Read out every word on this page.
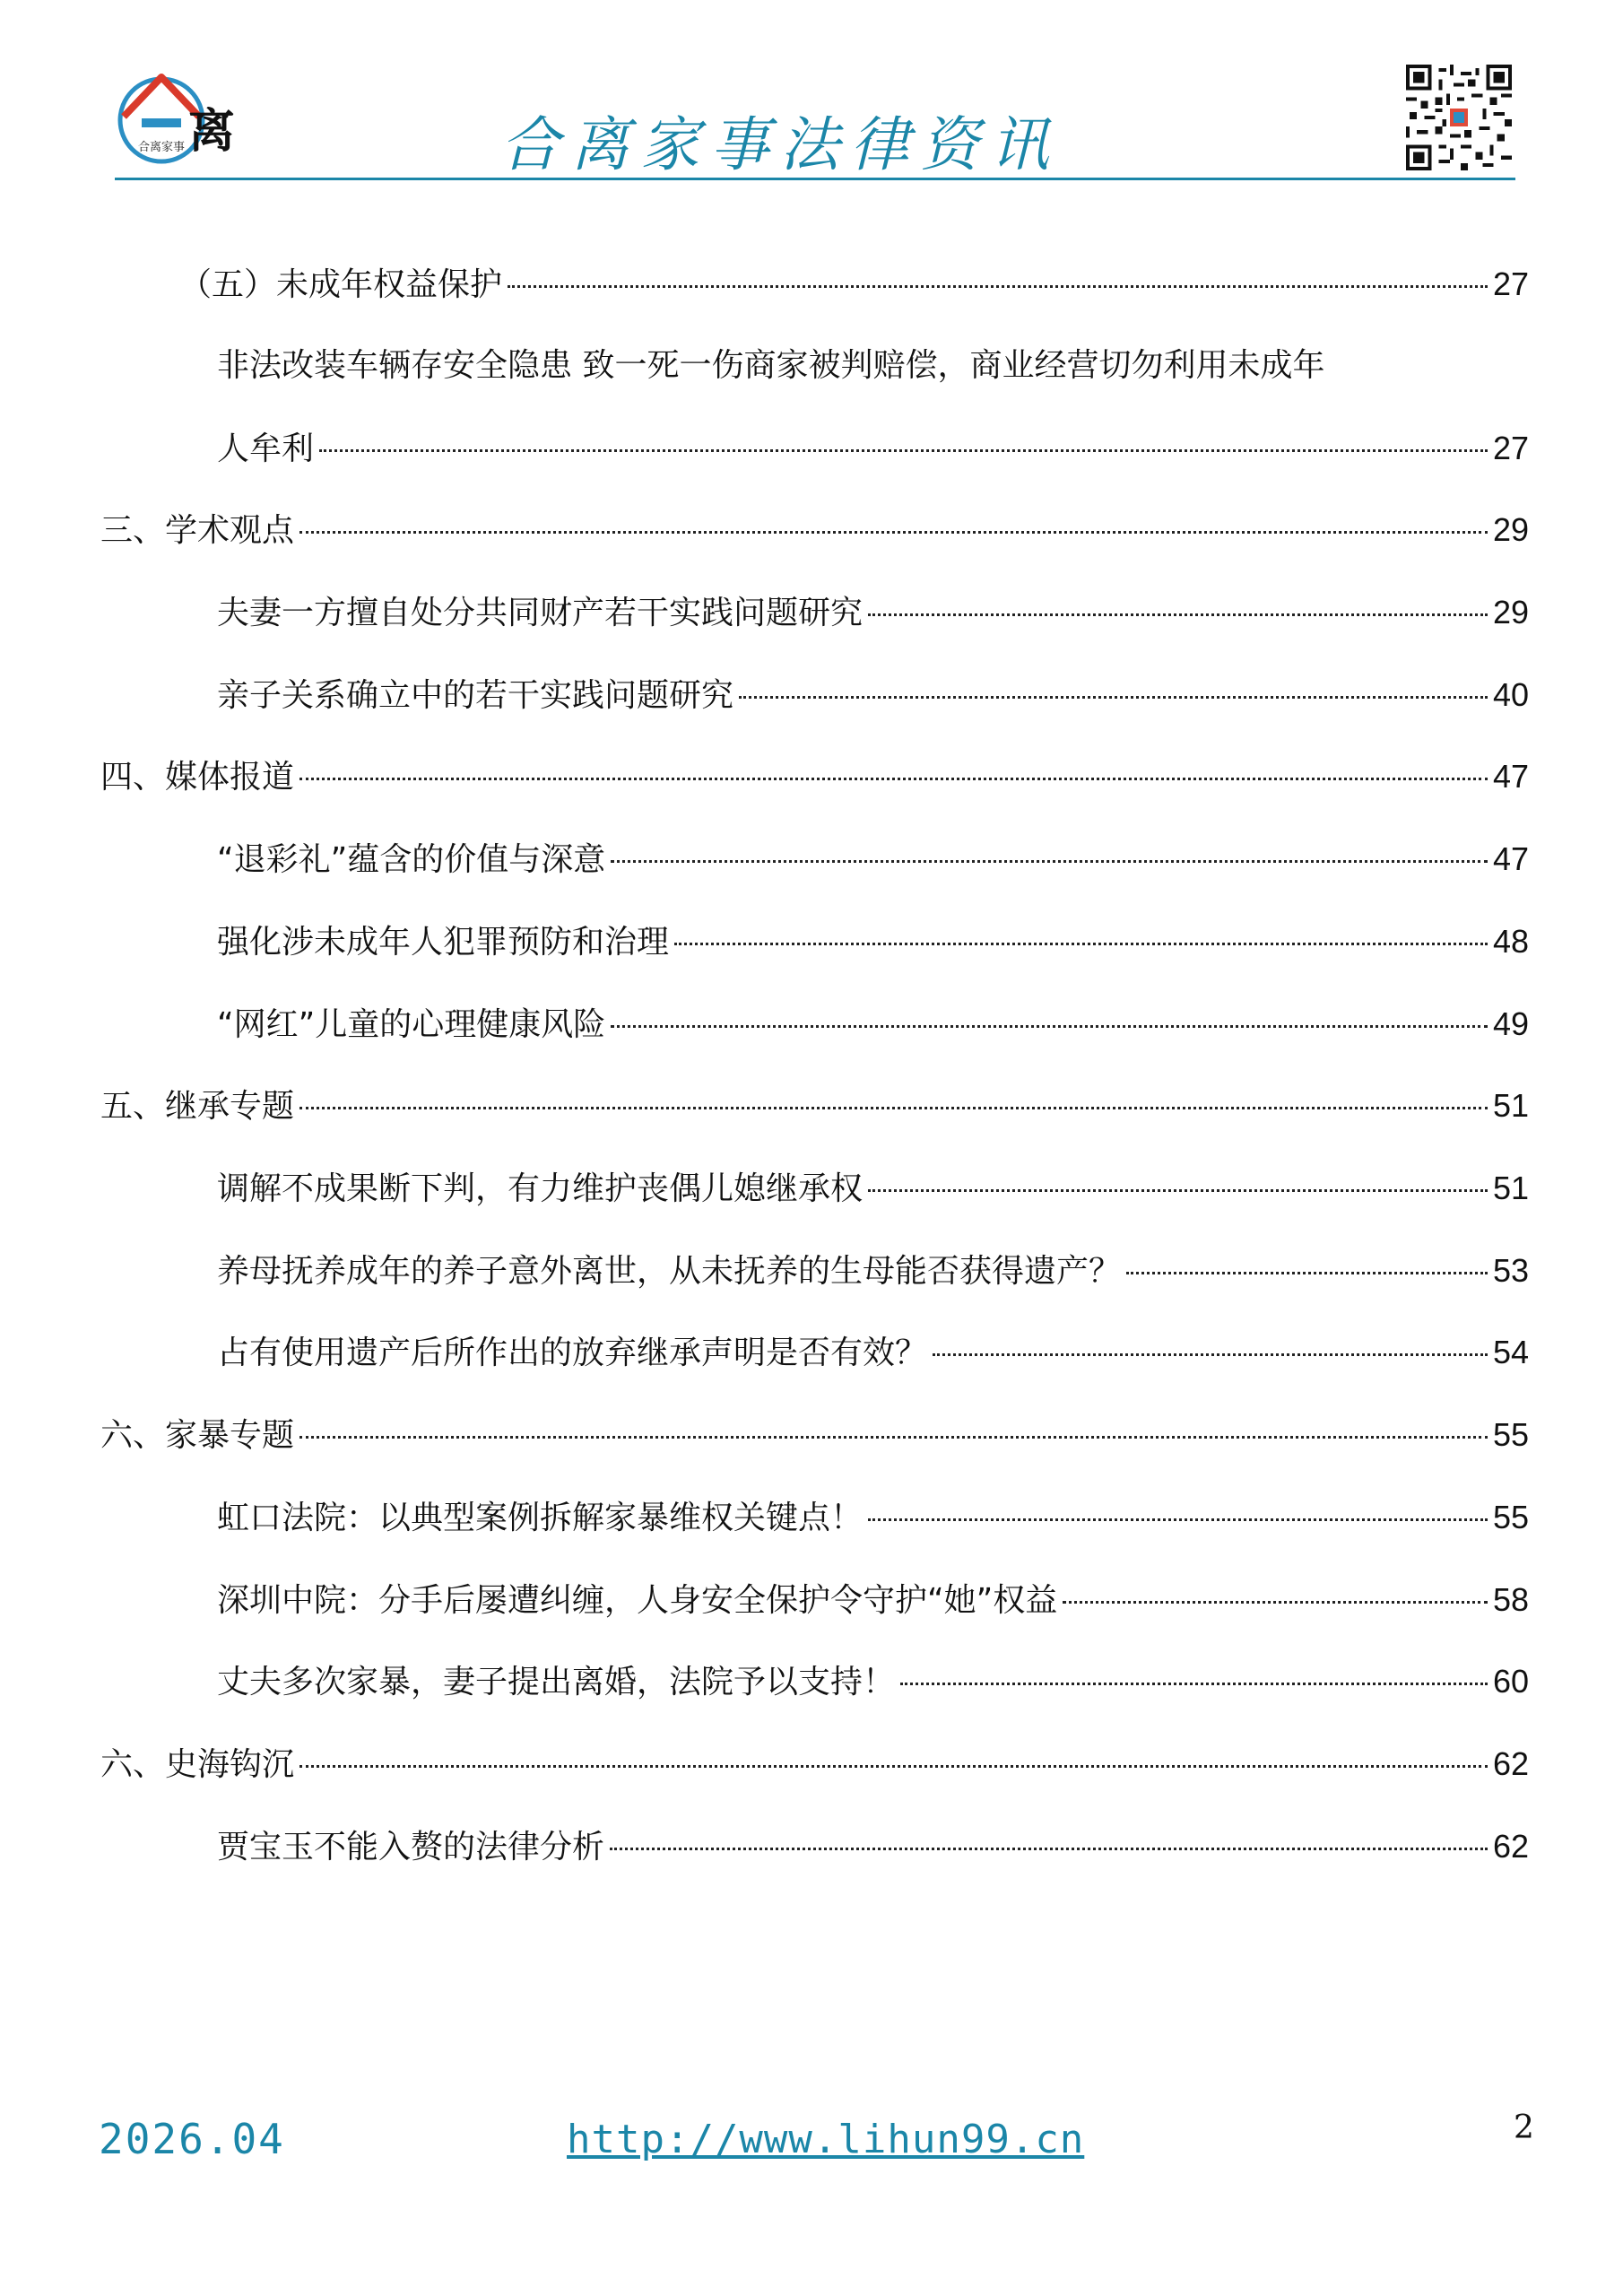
合离家事 离	合离家事法律资讯
（五）未成年权益保护	27
非法改装车辆存安全隐患 致一死一伤商家被判赔偿，商业经营切勿利用未成年
人牟利	27
三、学术观点	29
夫妻一方擅自处分共同财产若干实践问题研究	29
亲子关系确立中的若干实践问题研究	40
四、媒体报道	47
“退彩礼”蕴含的价值与深意	47
强化涉未成年人犯罪预防和治理	48
“网红”儿童的心理健康风险	49
五、继承专题	51
调解不成果断下判，有力维护丧偶儿媳继承权	51
养母抚养成年的养子意外离世，从未抚养的生母能否获得遗产？	53
占有使用遗产后所作出的放弃继承声明是否有效？	54
六、家暴专题	55
虹口法院：以典型案例拆解家暴维权关键点！	55
深圳中院：分手后屡遭纠缠，人身安全保护令守护“她”权益	58
丈夫多次家暴，妻子提出离婚，法院予以支持！	60
六、史海钩沉	62
贾宝玉不能入赘的法律分析	62
2026.04	http://www.lihun99.cn	2
